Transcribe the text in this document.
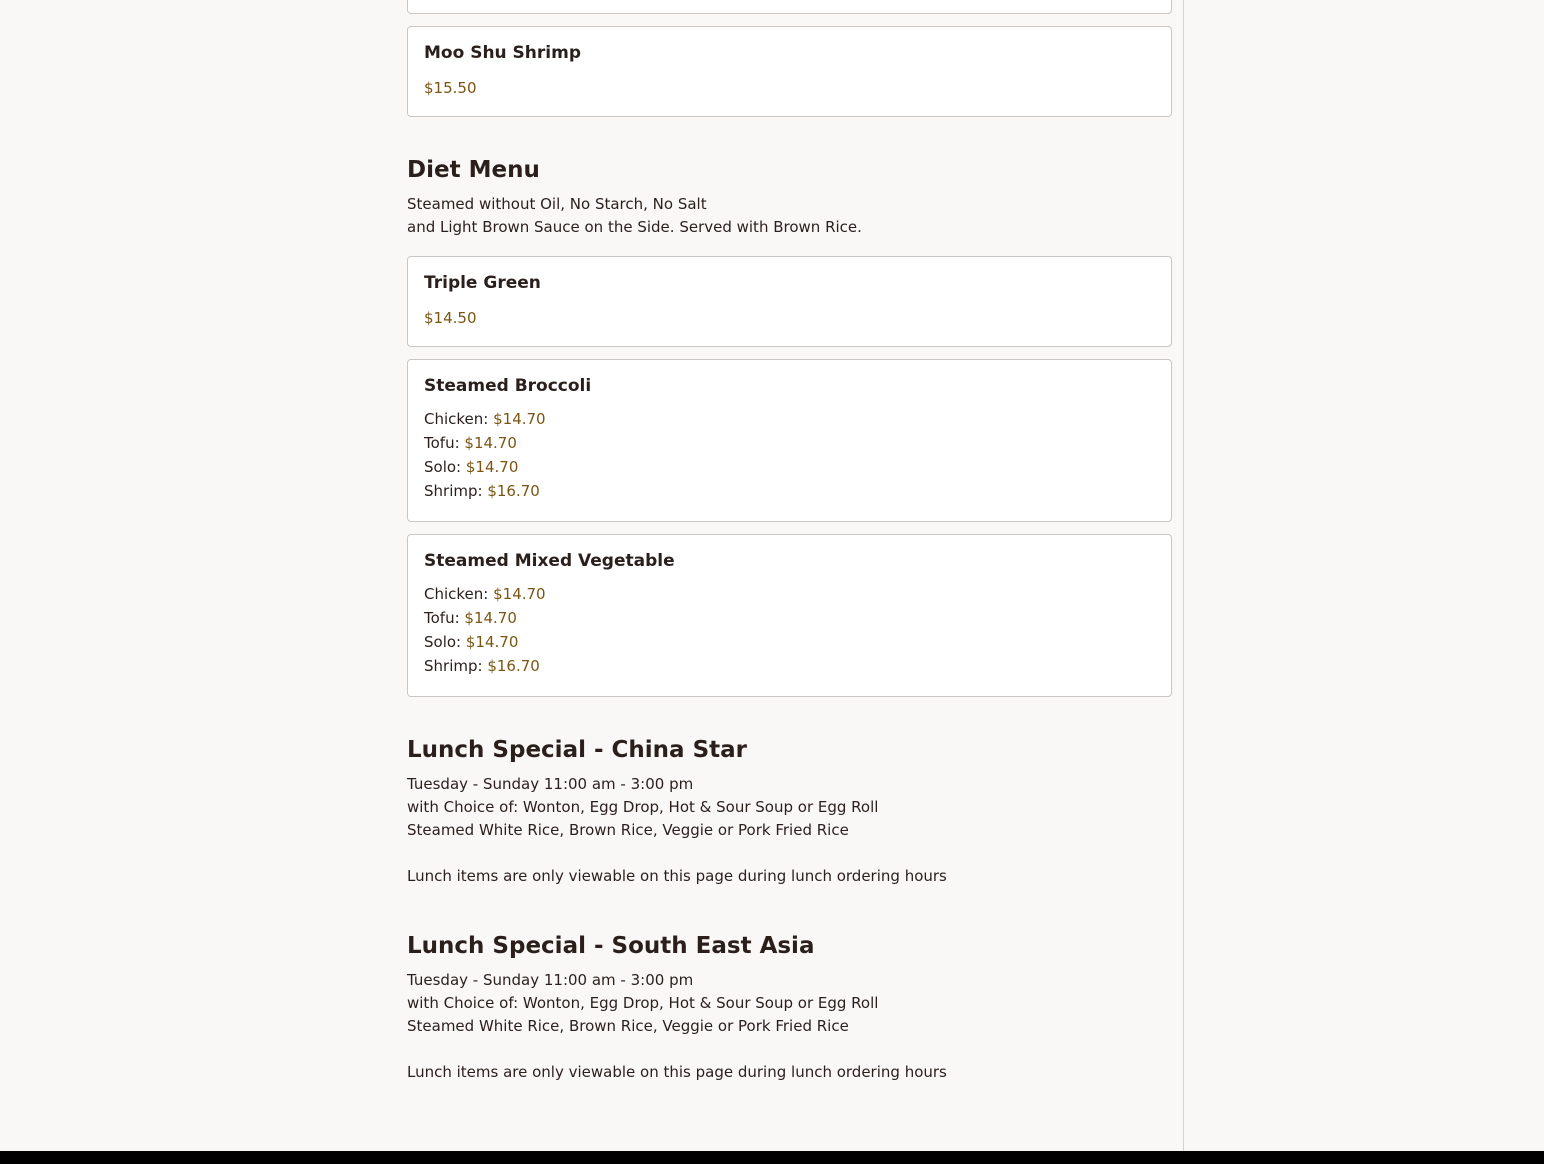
Moo Shu Shrimp
$15.50
Diet Menu
Steamed without Oil, No Starch, No Salt
and Light Brown Sauce on the Side. Served with Brown Rice.
Triple Green
$14.50
Steamed Broccoli
Chicken: $14.70
Tofu: $14.70
Solo: $14.70
Shrimp: $16.70
Steamed Mixed Vegetable
Chicken: $14.70
Tofu: $14.70
Solo: $14.70
Shrimp: $16.70
Lunch Special - China Star
Tuesday - Sunday 11:00 am - 3:00 pm
with Choice of: Wonton, Egg Drop, Hot & Sour Soup or Egg Roll
Steamed White Rice, Brown Rice, Veggie or Pork Fried Rice
Lunch items are only viewable on this page during lunch ordering hours
Lunch Special - South East Asia
Tuesday - Sunday 11:00 am - 3:00 pm
with Choice of: Wonton, Egg Drop, Hot & Sour Soup or Egg Roll
Steamed White Rice, Brown Rice, Veggie or Pork Fried Rice
Lunch items are only viewable on this page during lunch ordering hours
